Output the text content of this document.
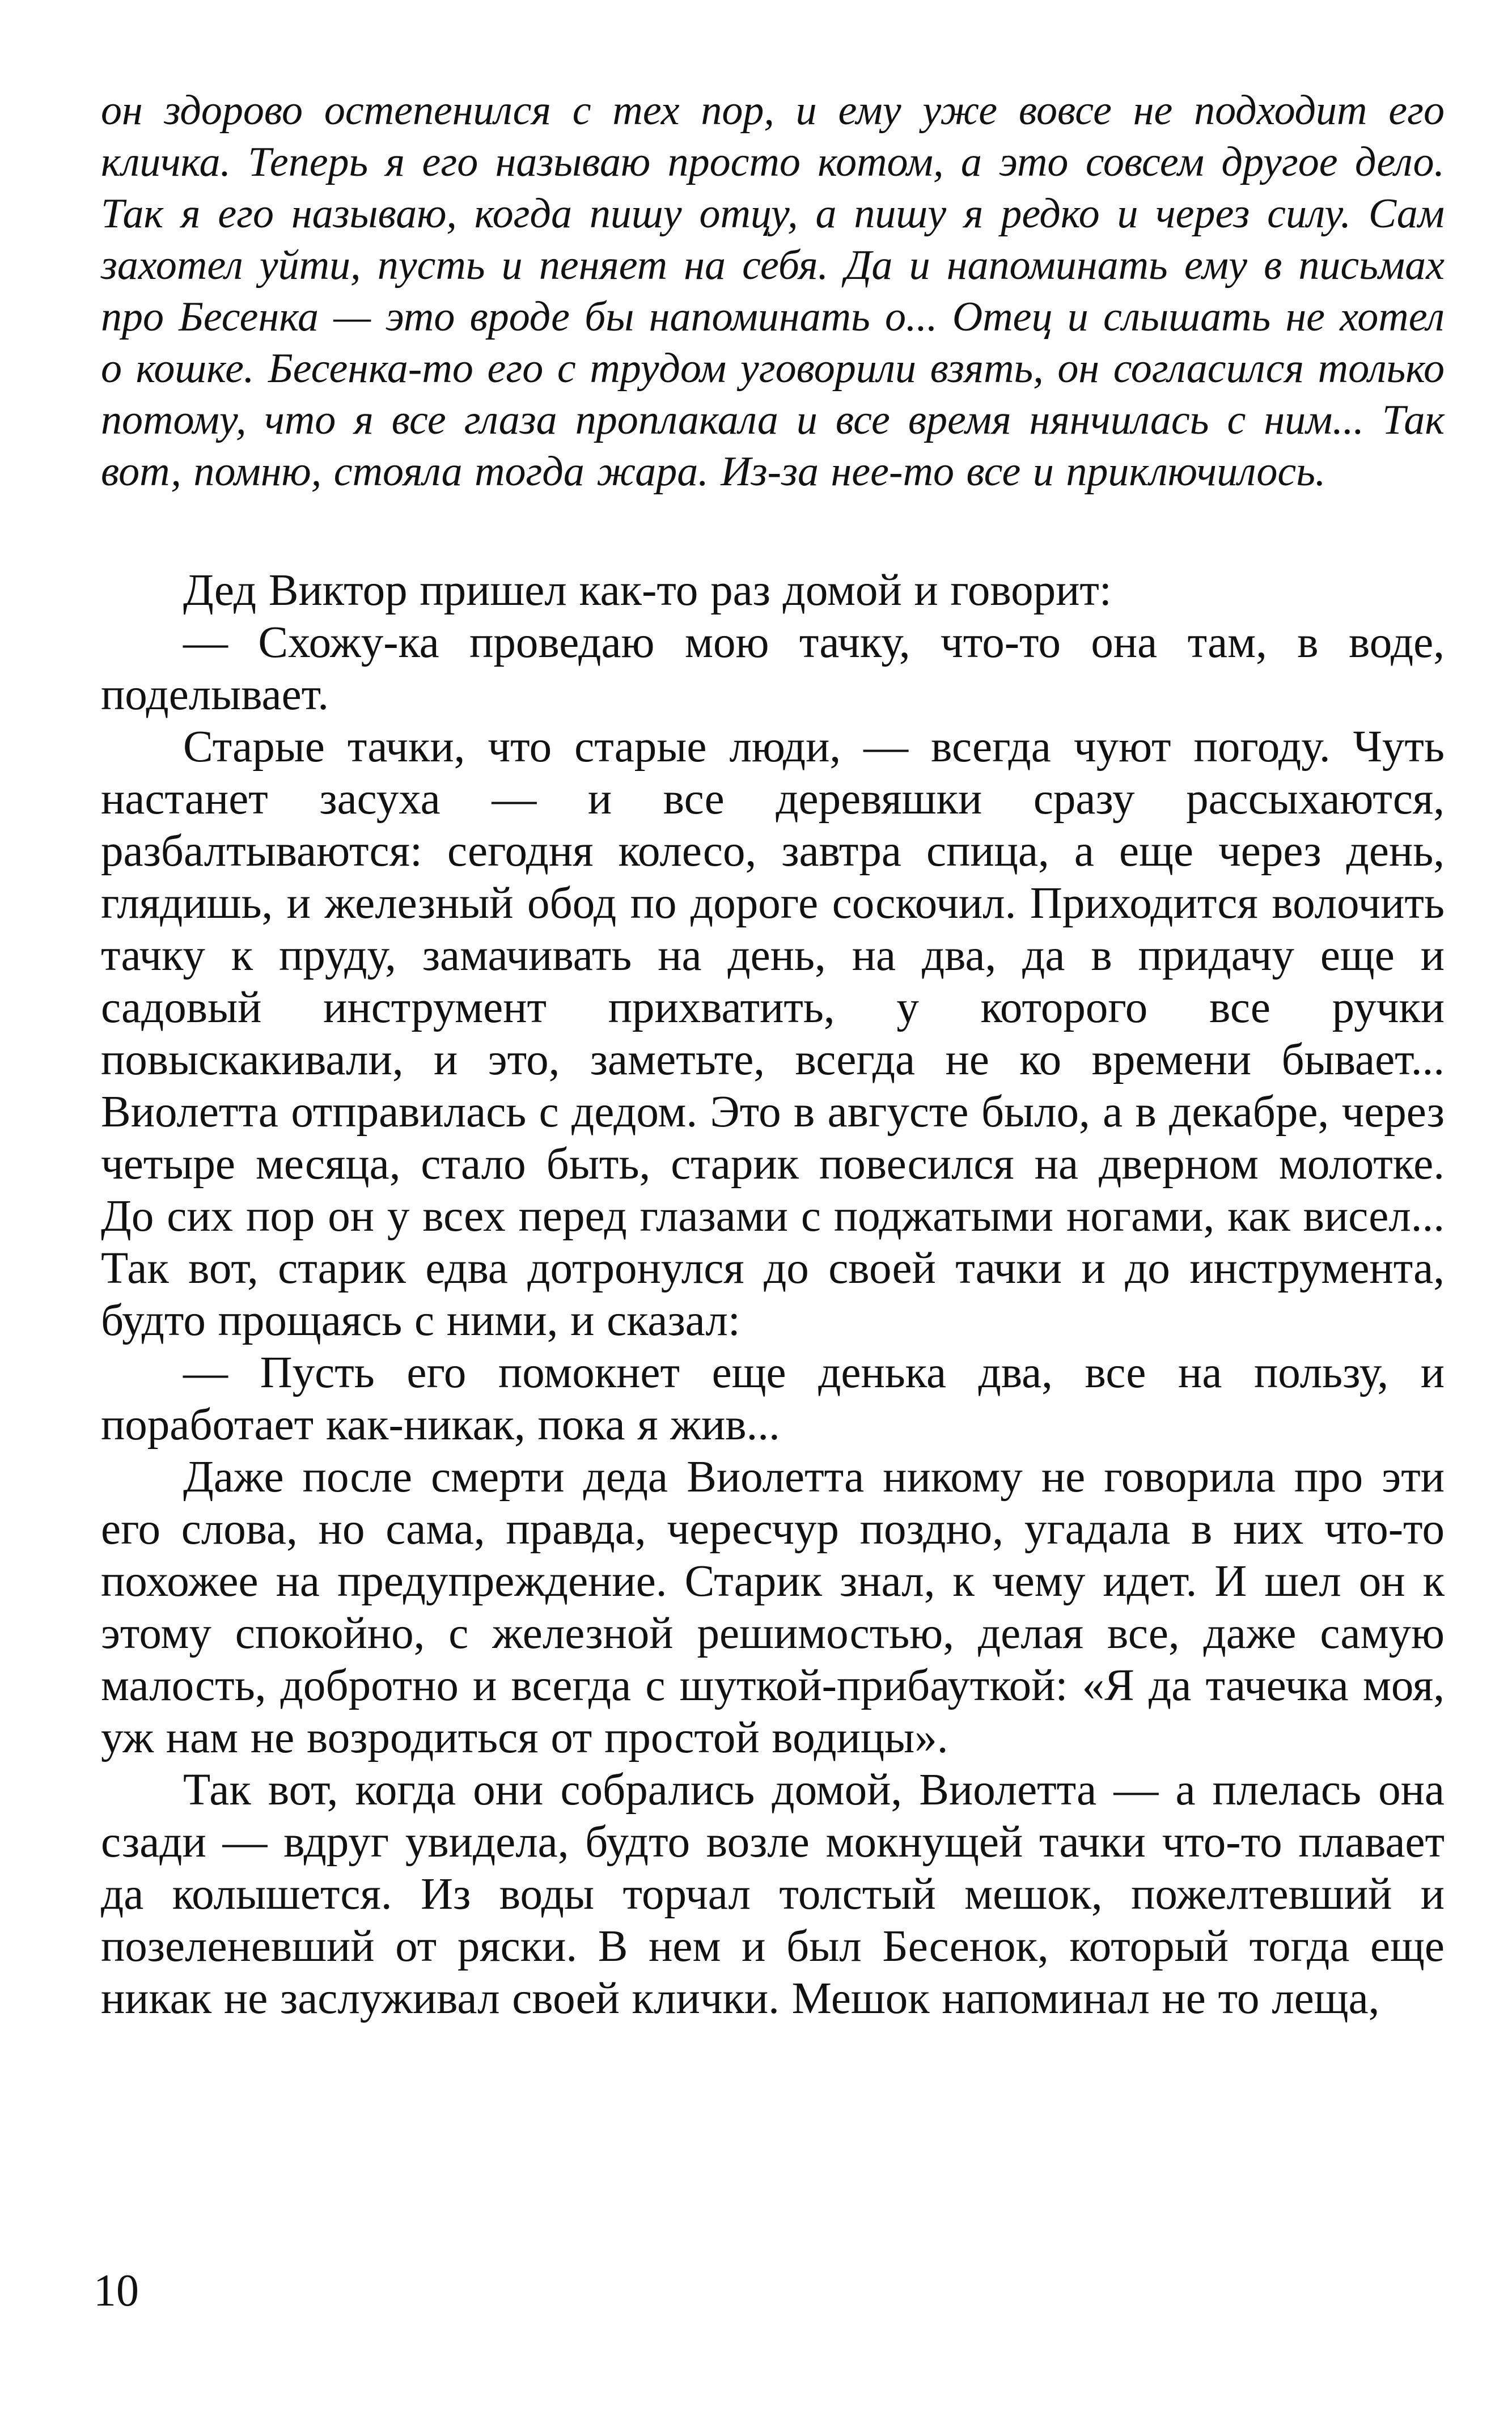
он здорово остепенился с тех пор, и ему уже вовсе не подходит его кличка. Теперь я его называю просто котом, а это совсем другое дело. Так я его называю, когда пишу отцу, а пишу я редко и через силу. Сам захотел уйти, пусть и пеняет на себя. Да и напоминать ему в письмах про Бесенка — это вроде бы напоминать о... Отец и слышать не хотел о кошке. Бесенка-то его с трудом уговорили взять, он согласился только потому, что я все глаза проплакала и все время нянчилась с ним... Так вот, помню, стояла тогда жара. Из-за нее-то все и приключилось.

Дед Виктор пришел как-то раз домой и говорит:

— Схожу-ка проведаю мою тачку, что-то она там, в воде, поделывает.

Старые тачки, что старые люди, — всегда чуют погоду. Чуть настанет засуха — и все деревяшки сразу рассыхаются, разбалтываются: сегодня колесо, завтра спица, а еще через день, глядишь, и железный обод по дороге соскочил. Приходится волочить тачку к пруду, замачивать на день, на два, да в придачу еще и садовый инструмент прихватить, у которого все ручки повыскакивали, и это, заметьте, всегда не ко времени бывает... Виолетта отправилась с дедом. Это в августе было, а в декабре, через четыре месяца, стало быть, старик повесился на дверном молотке. До сих пор он у всех перед глазами с поджатыми ногами, как висел... Так вот, старик едва дотронулся до своей тачки и до инструмента, будто прощаясь с ними, и сказал:

— Пусть его помокнет еще денька два, все на пользу, и поработает как-никак, пока я жив...

Даже после смерти деда Виолетта никому не говорила про эти его слова, но сама, правда, чересчур поздно, угадала в них что-то похожее на предупреждение. Старик знал, к чему идет. И шел он к этому спокойно, с железной решимостью, делая все, даже самую малость, добротно и всегда с шуткой-прибауткой: «Я да тачечка моя, уж нам не возродиться от простой водицы».

Так вот, когда они собрались домой, Виолетта — а плелась она сзади — вдруг увидела, будто возле мокнущей тачки что-то плавает да колышется. Из воды торчал толстый мешок, пожелтевший и позеленевший от ряски. В нем и был Бесенок, который тогда еще никак не заслуживал своей клички. Мешок напоминал не то леща,

10
